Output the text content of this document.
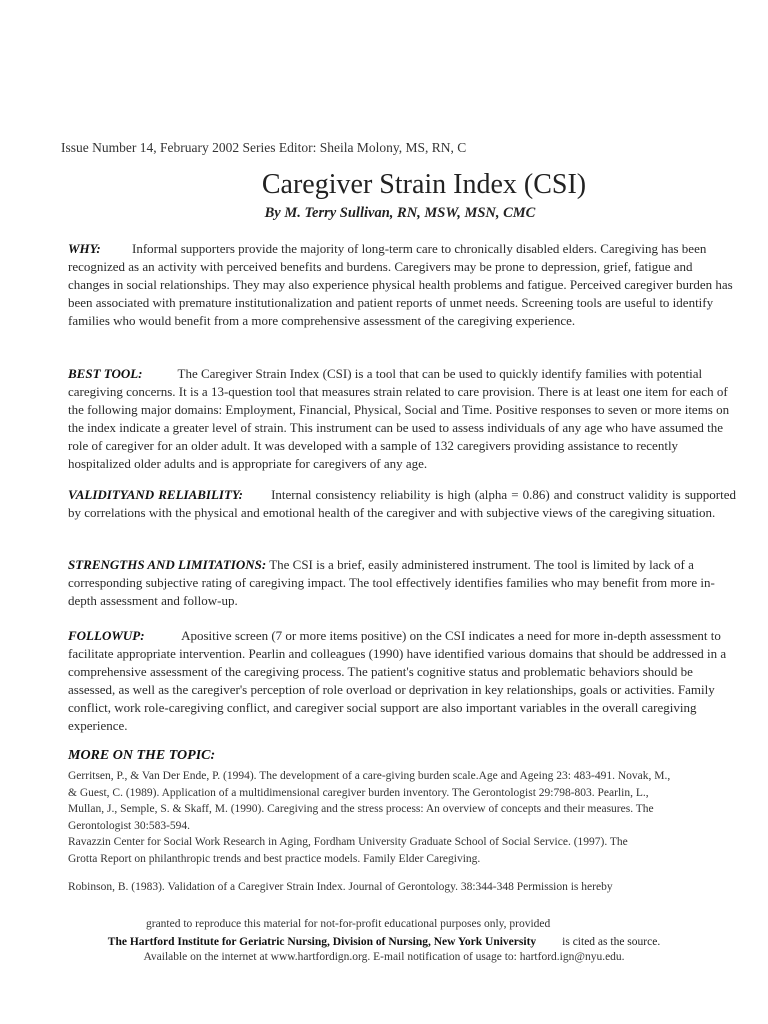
Issue Number 14, February 2002 Series Editor: Sheila Molony, MS, RN, C
Caregiver Strain Index (CSI)
By M. Terry Sullivan, RN, MSW, MSN, CMC
WHY: Informal supporters provide the majority of long-term care to chronically disabled elders. Caregiving has been recognized as an activity with perceived benefits and burdens. Caregivers may be prone to depression, grief, fatigue and changes in social relationships. They may also experience physical health problems and fatigue. Perceived caregiver burden has been associated with premature institutionalization and patient reports of unmet needs. Screening tools are useful to identify families who would benefit from a more comprehensive assessment of the caregiving experience.
BEST TOOL:	The Caregiver Strain Index (CSI) is a tool that can be used to quickly identify families with potential caregiving concerns. It is a 13-question tool that measures strain related to care provision. There is at least one item for each of the following major domains: Employment, Financial, Physical, Social and Time. Positive responses to seven or more items on the index indicate a greater level of strain. This instrument can be used to assess individuals of any age who have assumed the role of caregiver for an older adult. It was developed with a sample of 132 caregivers providing assistance to recently hospitalized older adults and is appropriate for caregivers of any age.
VALIDITYAND RELIABILITY: Internal consistency reliability is high (alpha = 0.86) and construct validity is supported by correlations with the physical and emotional health of the caregiver and with subjective views of the caregiving situation.
STRENGTHS AND LIMITATIONS: The CSI is a brief, easily administered instrument. The tool is limited by lack of a corresponding subjective rating of caregiving impact. The tool effectively identifies families who may benefit from more in-depth assessment and follow-up.
FOLLOWUP:	Apositive screen (7 or more items positive) on the CSI indicates a need for more in-depth assessment to facilitate appropriate intervention. Pearlin and colleagues (1990) have identified various domains that should be addressed in a comprehensive assessment of the caregiving process. The patient's cognitive status and problematic behaviors should be assessed, as well as the caregiver's perception of role overload or deprivation in key relationships, goals or activities. Family conflict, work role-caregiving conflict, and caregiver social support are also important variables in the overall caregiving experience.
MORE ON THE TOPIC:
Gerritsen, P., & Van Der Ende, P. (1994). The development of a care-giving burden scale.Age and Ageing 23: 483-491. Novak, M.,
& Guest, C. (1989). Application of a multidimensional caregiver burden inventory. The Gerontologist 29:798-803. Pearlin, L.,
Mullan, J., Semple, S. & Skaff, M. (1990). Caregiving and the stress process: An overview of concepts and their measures. The
Gerontologist 30:583-594.
Ravazzin Center for Social Work Research in Aging, Fordham University Graduate School of Social Service. (1997). The
Grotta Report on philanthropic trends and best practice models. Family Elder Caregiving.
Robinson, B. (1983). Validation of a Caregiver Strain Index. Journal of Gerontology. 38:344-348 Permission is hereby
granted to reproduce this material for not-for-profit educational purposes only, provided
The Hartford Institute for Geriatric Nursing, Division of Nursing, New York University is cited as the source.
Available on the internet at www.hartfordign.org. E-mail notification of usage to: hartford.ign@nyu.edu.
